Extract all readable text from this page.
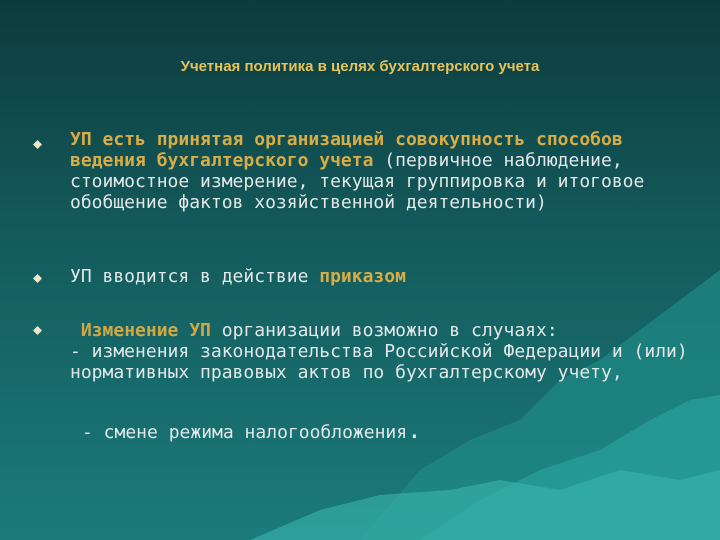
Учетная политика в целях бухгалтерского учета
УП есть принятая организацией совокупность способов ведения бухгалтерского учета (первичное наблюдение, стоимостное измерение, текущая группировка и итоговое обобщение фактов хозяйственной деятельности)
УП вводится в действие приказом
Изменение УП организации возможно в случаях:
- изменения законодательства Российской Федерации и (или) нормативных правовых актов по бухгалтерскому учету,
- смене режима налогообложения.
